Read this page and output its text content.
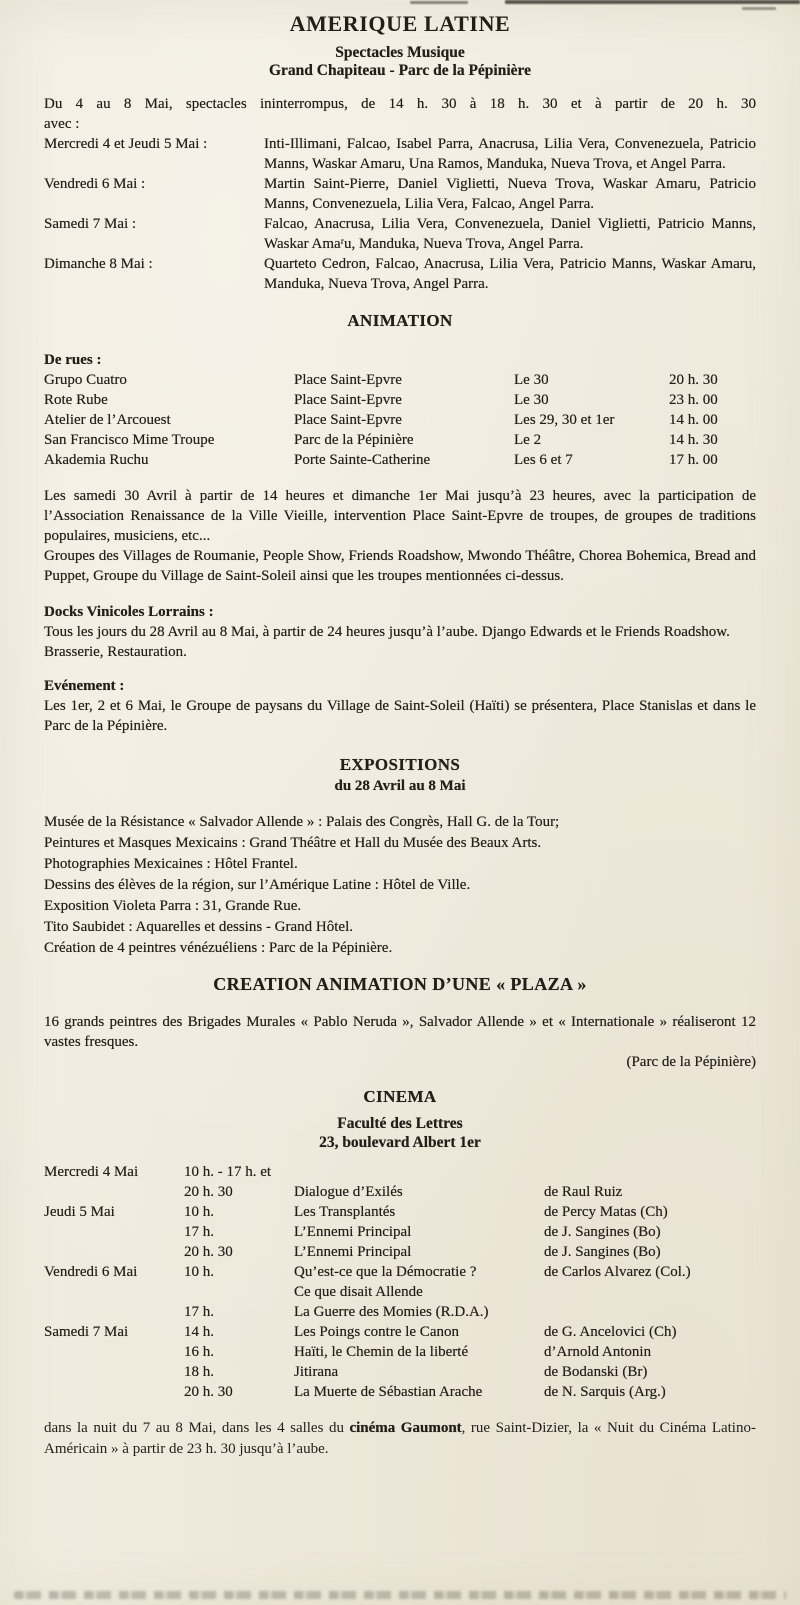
AMERIQUE LATINE
Spectacles Musique
Grand Chapiteau - Parc de la Pépinière

Du 4 au 8 Mai, spectacles ininterrompus, de 14 h. 30 à 18 h. 30 et à partir de 20 h. 30

avec :

Mercredi 4 et Jeudi 5 Mai :	Inti-Illimani, Falcao, Isabel Parra, Anacrusa, Lilia Vera, Convenezuela, Patricio Manns, Waskar Amaru, Una Ramos, Manduka, Nueva Trova, et Angel Parra.
Vendredi 6 Mai :	Martin Saint-Pierre, Daniel Viglietti, Nueva Trova, Waskar Amaru, Patricio Manns, Convenezuela, Lilia Vera, Falcao, Angel Parra.
Samedi 7 Mai :	Falcao, Anacrusa, Lilia Vera, Convenezuela, Daniel Viglietti, Patricio Manns, Waskar Amaʳu, Manduka, Nueva Trova, Angel Parra.
Dimanche 8 Mai :	Quarteto Cedron, Falcao, Anacrusa, Lilia Vera, Patricio Manns, Waskar Amaru, Manduka, Nueva Trova, Angel Parra.
ANIMATION
De rues :
Grupo Cuatro	Place Saint-Epvre	Le 30	20 h. 30
Rote Rube	Place Saint-Epvre	Le 30	23 h. 00
Atelier de l’Arcouest	Place Saint-Epvre	Les 29, 30 et 1er	14 h. 00
San Francisco Mime Troupe	Parc de la Pépinière	Le 2	14 h. 30
Akademia Ruchu	Porte Sainte-Catherine	Les 6 et 7	17 h. 00

Les samedi 30 Avril à partir de 14 heures et dimanche 1er Mai jusqu’à 23 heures, avec la participation de l’Association Renaissance de la Ville Vieille, intervention Place Saint-Epvre de troupes, de groupes de traditions populaires, musiciens, etc...

Groupes des Villages de Roumanie, People Show, Friends Roadshow, Mwondo Théâtre, Chorea Bohemica, Bread and Puppet, Groupe du Village de Saint-Soleil ainsi que les troupes mentionnées ci-dessus.

Docks Vinicoles Lorrains :

Tous les jours du 28 Avril au 8 Mai, à partir de 24 heures jusqu’à l’aube. Django Edwards et le Friends Roadshow.

Brasserie, Restauration.

Evénement :

Les 1er, 2 et 6 Mai, le Groupe de paysans du Village de Saint-Soleil (Haïti) se présentera, Place Stanislas et dans le Parc de la Pépinière.

EXPOSITIONS
du 28 Avril au 8 Mai
Musée de la Résistance « Salvador Allende » : Palais des Congrès, Hall G. de la Tour;
Peintures et Masques Mexicains : Grand Théâtre et Hall du Musée des Beaux Arts.
Photographies Mexicaines : Hôtel Frantel.
Dessins des élèves de la région, sur l’Amérique Latine : Hôtel de Ville.
Exposition Violeta Parra : 31, Grande Rue.
Tito Saubidet : Aquarelles et dessins - Grand Hôtel.
Création de 4 peintres vénézuéliens : Parc de la Pépinière.
CREATION ANIMATION D’UNE « PLAZA »

16 grands peintres des Brigades Murales « Pablo Neruda », Salvador Allende » et « Internationale » réaliseront 12 vastes fresques.

(Parc de la Pépinière)
CINEMA
Faculté des Lettres
23, boulevard Albert 1er
Mercredi 4 Mai	10 h. - 17 h. et
20 h. 30	Dialogue d’Exilés	de Raul Ruiz
Jeudi 5 Mai	10 h.	Les Transplantés	de Percy Matas (Ch)
17 h.	L’Ennemi Principal	de J. Sangines (Bo)
20 h. 30	L’Ennemi Principal	de J. Sangines (Bo)
Vendredi 6 Mai	10 h.	Qu’est-ce que la Démocratie ?	de Carlos Alvarez (Col.)
Ce que disait Allende
17 h.	La Guerre des Momies (R.D.A.)
Samedi 7 Mai	14 h.	Les Poings contre le Canon	de G. Ancelovici (Ch)
16 h.	Haïti, le Chemin de la liberté	d’Arnold Antonin
18 h.	Jitirana	de Bodanski (Br)
20 h. 30	La Muerte de Sébastian Arache	de N. Sarquis (Arg.)

dans la nuit du 7 au 8 Mai, dans les 4 salles du cinéma Gaumont, rue Saint-Dizier, la « Nuit du Cinéma Latino-Américain » à partir de 23 h. 30 jusqu’à l’aube.
